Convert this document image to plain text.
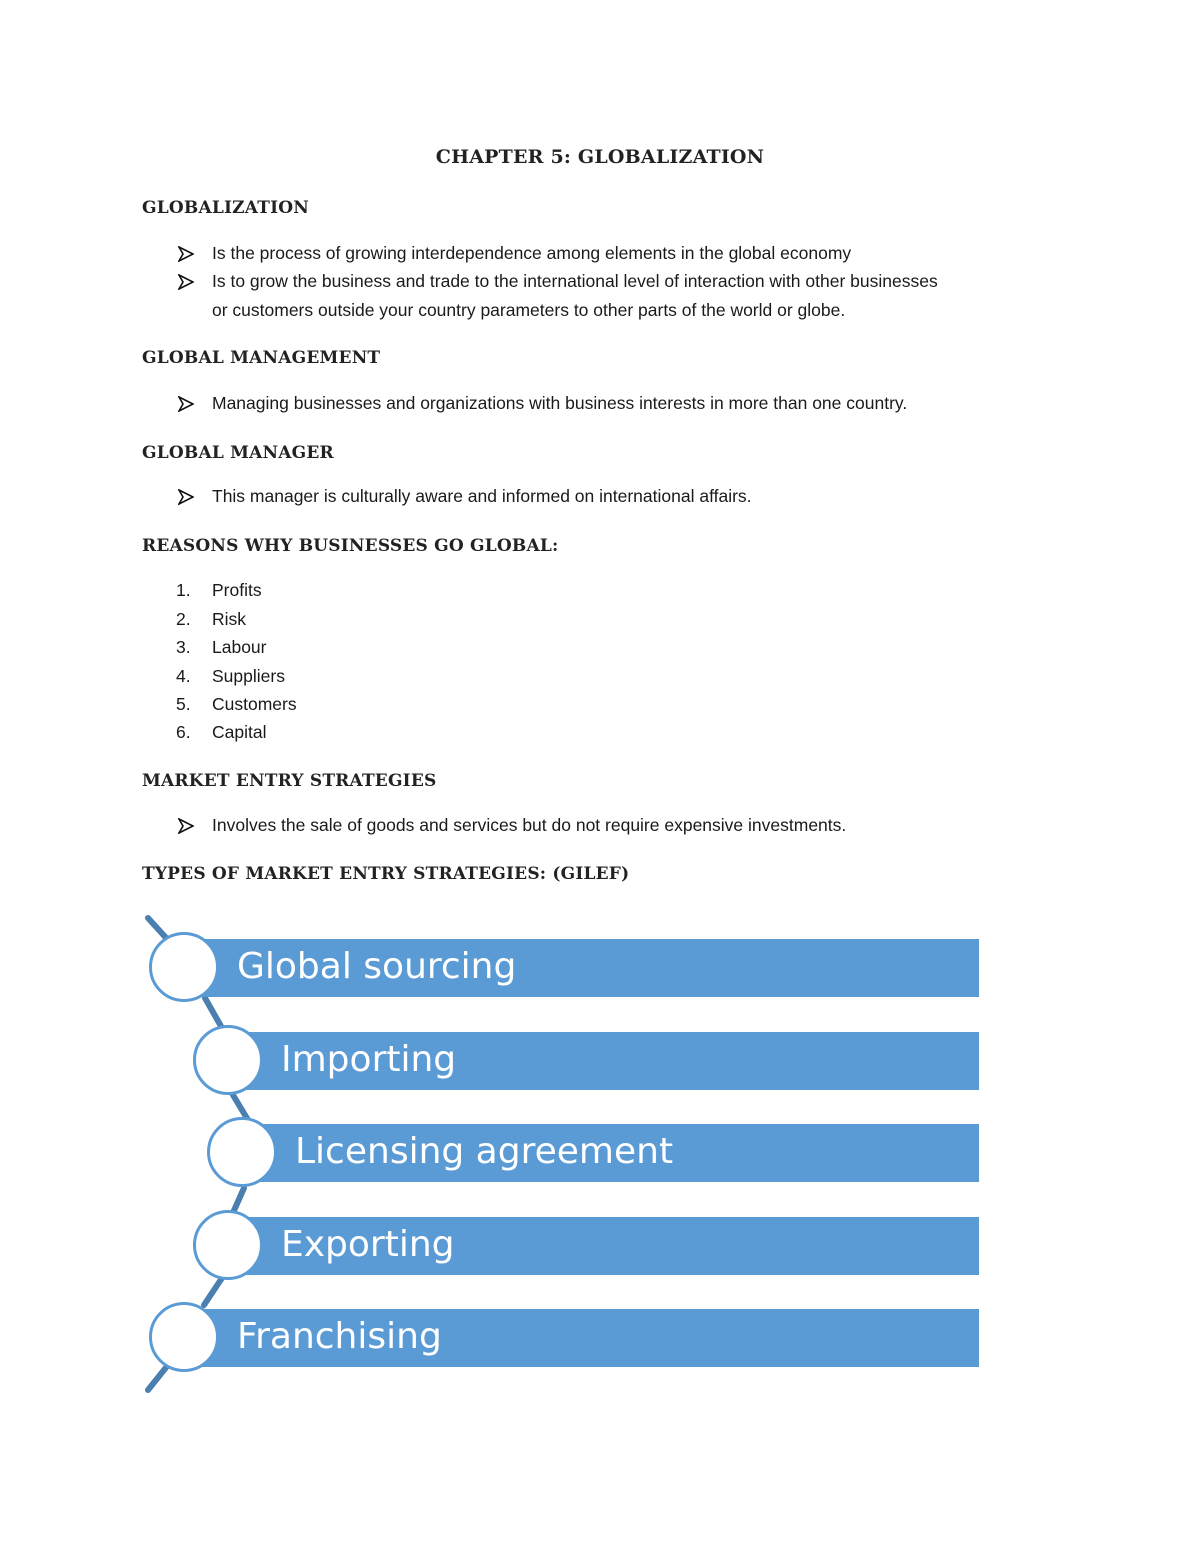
CHAPTER 5: GLOBALIZATION
GLOBALIZATION
Is the process of growing interdependence among elements in the global economy
Is to grow the business and trade to the international level of interaction with other businesses
or customers outside your country parameters to other parts of the world or globe.
GLOBAL MANAGEMENT
Managing businesses and organizations with business interests in more than one country.
GLOBAL MANAGER
This manager is culturally aware and informed on international affairs.
REASONS WHY BUSINESSES GO GLOBAL:
1. Profits
2. Risk
3. Labour
4. Suppliers
5. Customers
6. Capital
MARKET ENTRY STRATEGIES
Involves the sale of goods and services but do not require expensive investments.
TYPES OF MARKET ENTRY STRATEGIES: (GILEF)
Global sourcing
Importing
Licensing agreement
Exporting
Franchising
